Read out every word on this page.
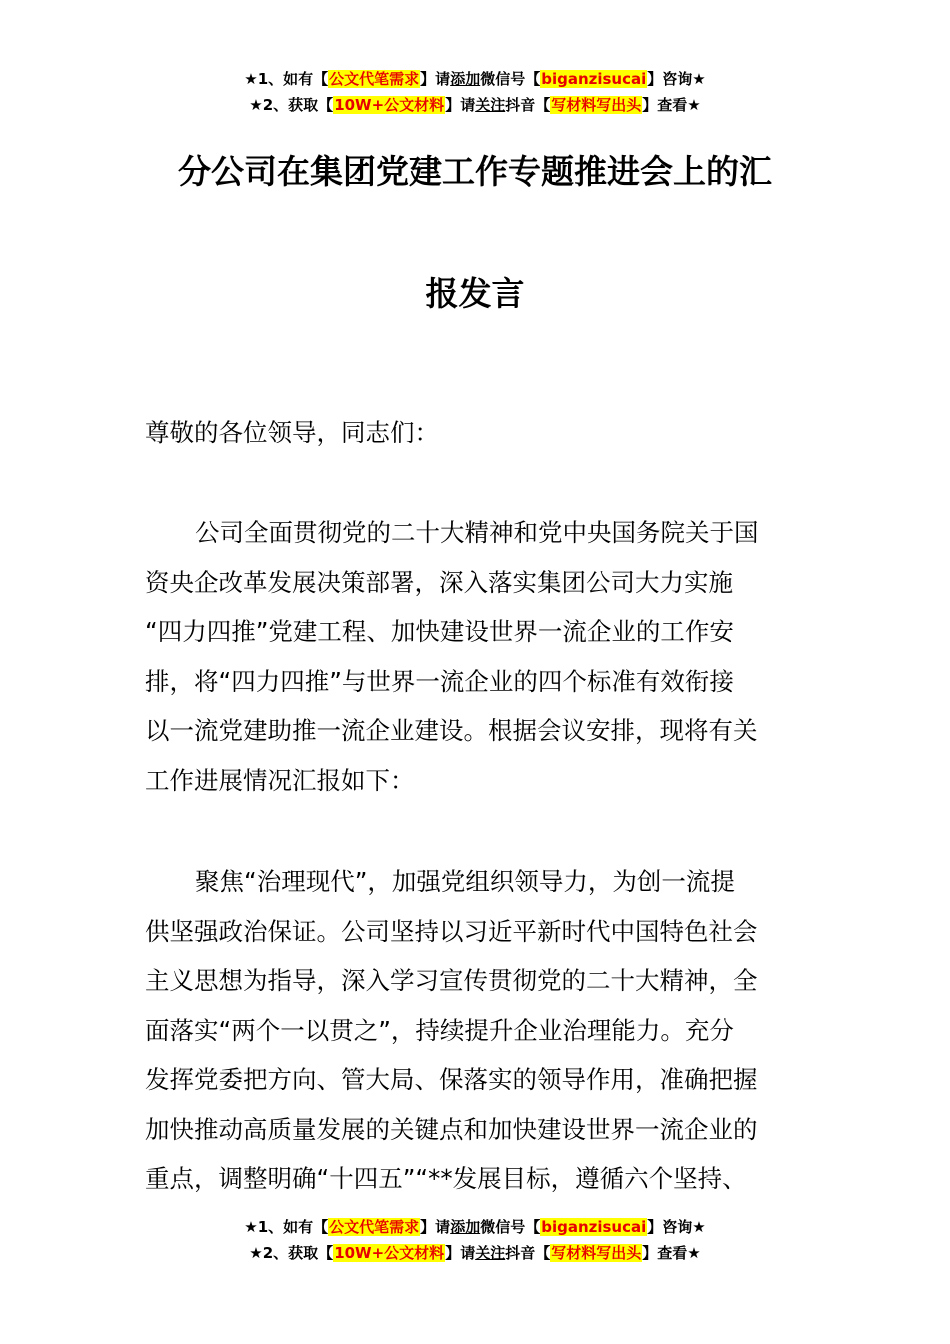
★1、如有【公文代笔需求】请添加微信号【biganzisucai】咨询★
★2、获取【10W+公文材料】请关注抖音【写材料写出头】查看★
分公司在集团党建工作专题推进会上的汇
报发言
尊敬的各位领导，同志们：
公司全面贯彻党的二十大精神和党中央国务院关于国
资央企改革发展决策部署，深入落实集团公司大力实施
“四力四推”党建工程、加快建设世界一流企业的工作安
排，将“四力四推”与世界一流企业的四个标准有效衔接
以一流党建助推一流企业建设。根据会议安排，现将有关
工作进展情况汇报如下：
聚焦“治理现代”，加强党组织领导力，为创一流提
供坚强政治保证。公司坚持以习近平新时代中国特色社会
主义思想为指导，深入学习宣传贯彻党的二十大精神，全
面落实“两个一以贯之”，持续提升企业治理能力。充分
发挥党委把方向、管大局、保落实的领导作用，准确把握
加快推动高质量发展的关键点和加快建设世界一流企业的
重点，调整明确“十四五”“**发展目标，遵循六个坚持、
★1、如有【公文代笔需求】请添加微信号【biganzisucai】咨询★
★2、获取【10W+公文材料】请关注抖音【写材料写出头】查看★
